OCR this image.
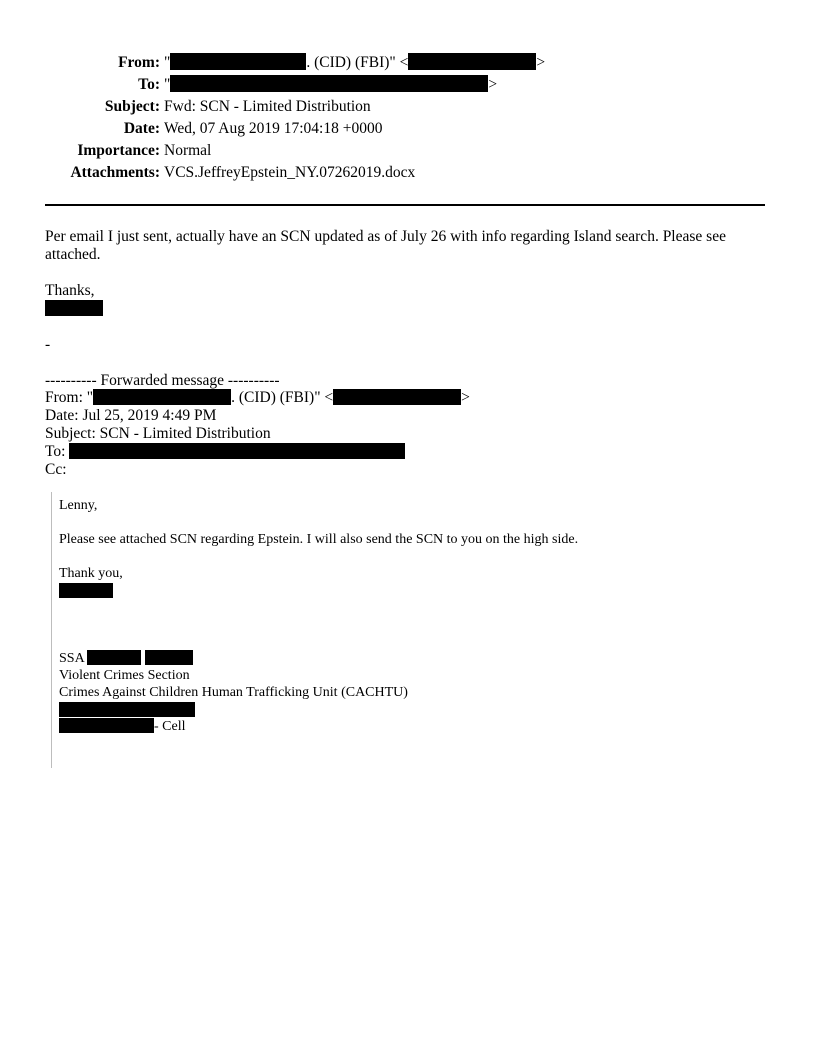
From: "	. (CID) (FBI)" <	>
To: "	>
Subject: Fwd: SCN - Limited Distribution
Date: Wed, 07 Aug 2019 17:04:18 +0000
Importance: Normal
Attachments: VCS.JeffreyEpstein_NY.07262019.docx
Per email I just sent, actually have an SCN updated as of July 26 with info regarding Island search. Please see attached.
Thanks,
-
---------- Forwarded message ----------
From: "	. (CID) (FBI)" <	>
Date: Jul 25, 2019 4:49 PM
Subject: SCN - Limited Distribution
To:
Cc:
Lenny,
Please see attached SCN regarding Epstein. I will also send the SCN to you on the high side.
Thank you,
SSA
Violent Crimes Section
Crimes Against Children Human Trafficking Unit (CACHTU)
- Cell
